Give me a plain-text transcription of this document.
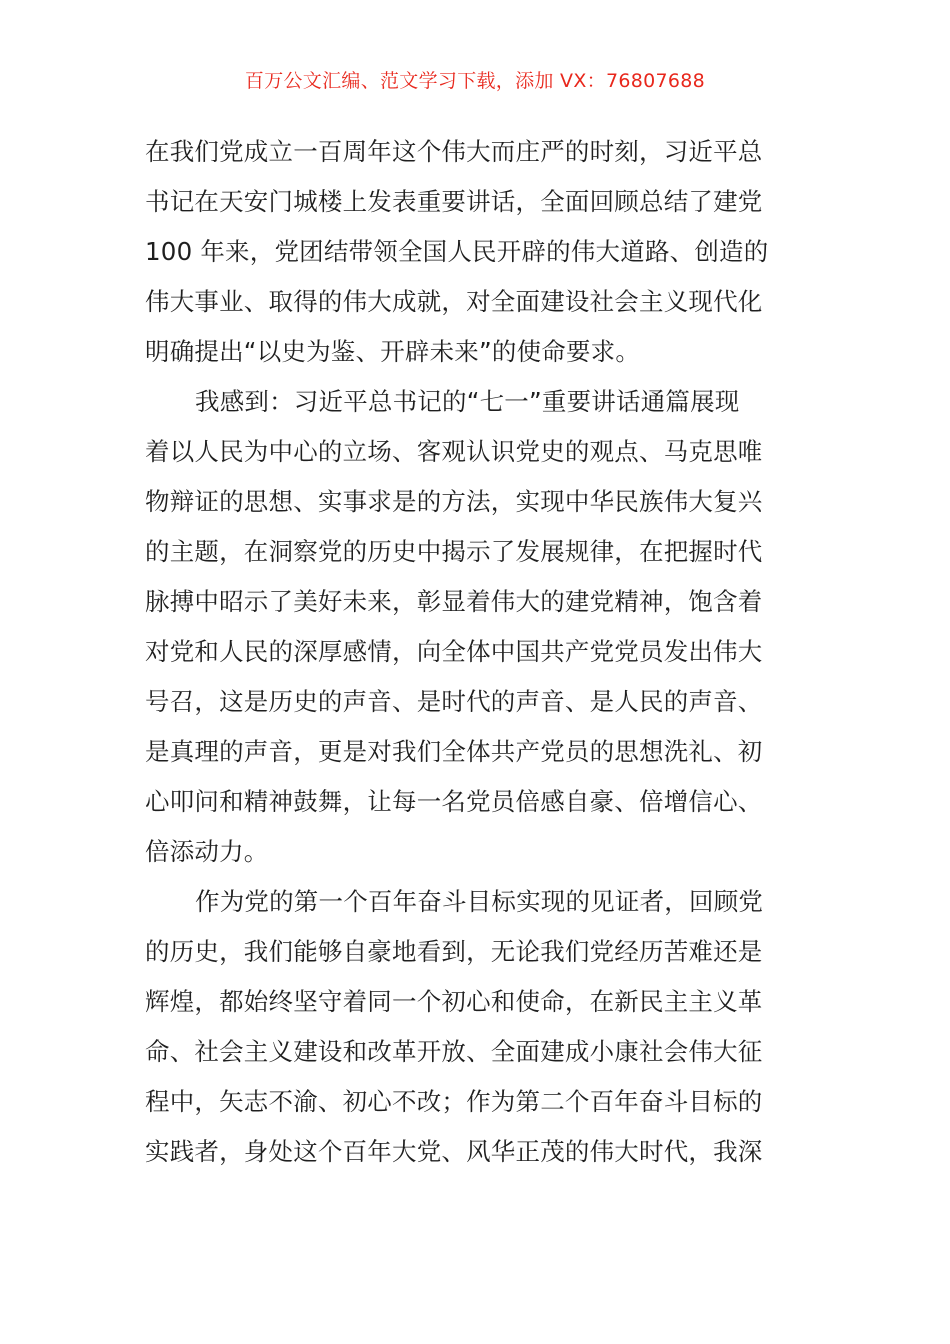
百万公文汇编、范文学习下载，添加 VX：76807688

在我们党成立一百周年这个伟大而庄严的时刻，习近平总
书记在天安门城楼上发表重要讲话，全面回顾总结了建党
100 年来，党团结带领全国人民开辟的伟大道路、创造的
伟大事业、取得的伟大成就，对全面建设社会主义现代化
明确提出“以史为鉴、开辟未来”的使命要求。

我感到：习近平总书记的“七一”重要讲话通篇展现
着以人民为中心的立场、客观认识党史的观点、马克思唯
物辩证的思想、实事求是的方法，实现中华民族伟大复兴
的主题，在洞察党的历史中揭示了发展规律，在把握时代
脉搏中昭示了美好未来，彰显着伟大的建党精神，饱含着
对党和人民的深厚感情，向全体中国共产党党员发出伟大
号召，这是历史的声音、是时代的声音、是人民的声音、
是真理的声音，更是对我们全体共产党员的思想洗礼、初
心叩问和精神鼓舞，让每一名党员倍感自豪、倍增信心、
倍添动力。

作为党的第一个百年奋斗目标实现的见证者，回顾党
的历史，我们能够自豪地看到，无论我们党经历苦难还是
辉煌，都始终坚守着同一个初心和使命，在新民主主义革
命、社会主义建设和改革开放、全面建成小康社会伟大征
程中，矢志不渝、初心不改；作为第二个百年奋斗目标的
实践者，身处这个百年大党、风华正茂的伟大时代，我深
